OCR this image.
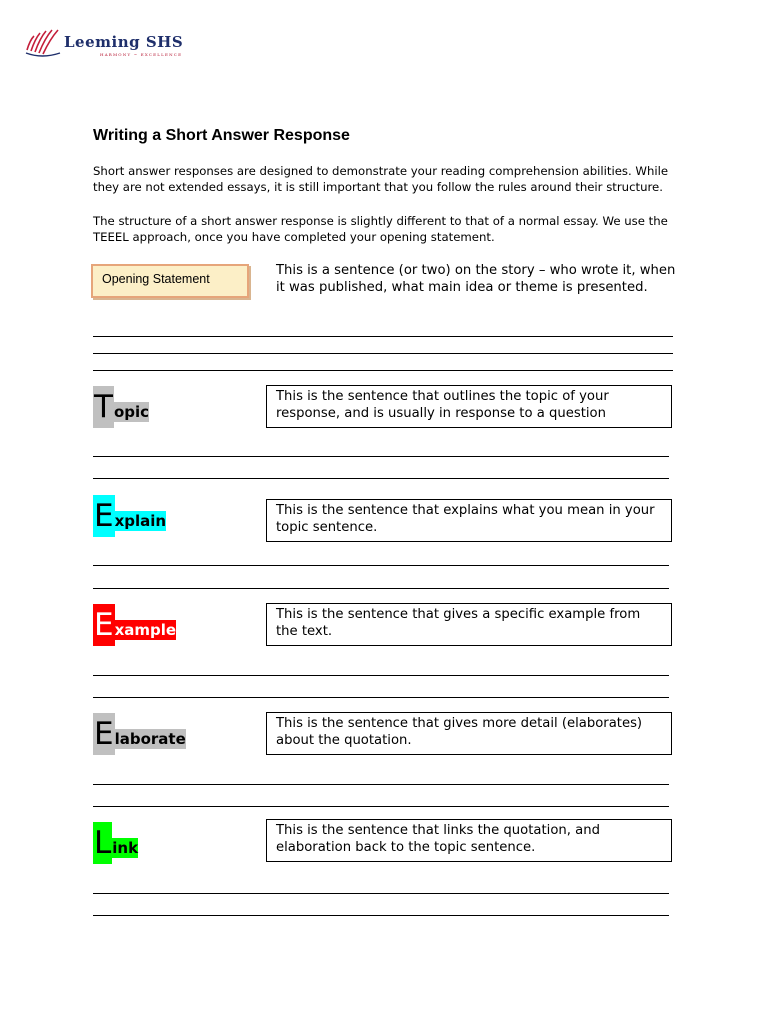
Leeming SHS
HARMONY ~ EXCELLENCE
Writing a Short Answer Response
Short answer responses are designed to demonstrate your reading comprehension abilities. While they are not extended essays, it is still important that you follow the rules around their structure.
The structure of a short answer response is slightly different to that of a normal essay. We use the TEEEL approach, once you have completed your opening statement.
Opening Statement
This is a sentence (or two) on the story – who wrote it, when it was published, what main idea or theme is presented.
T opic
This is the sentence that outlines the topic of your response, and is usually in response to a question
E xplain
This is the sentence that explains what you mean in your topic sentence.
E xample
This is the sentence that gives a specific example from the text.
E laborate
This is the sentence that gives more detail (elaborates) about the quotation.
L ink
This is the sentence that links the quotation, and elaboration back to the topic sentence.
